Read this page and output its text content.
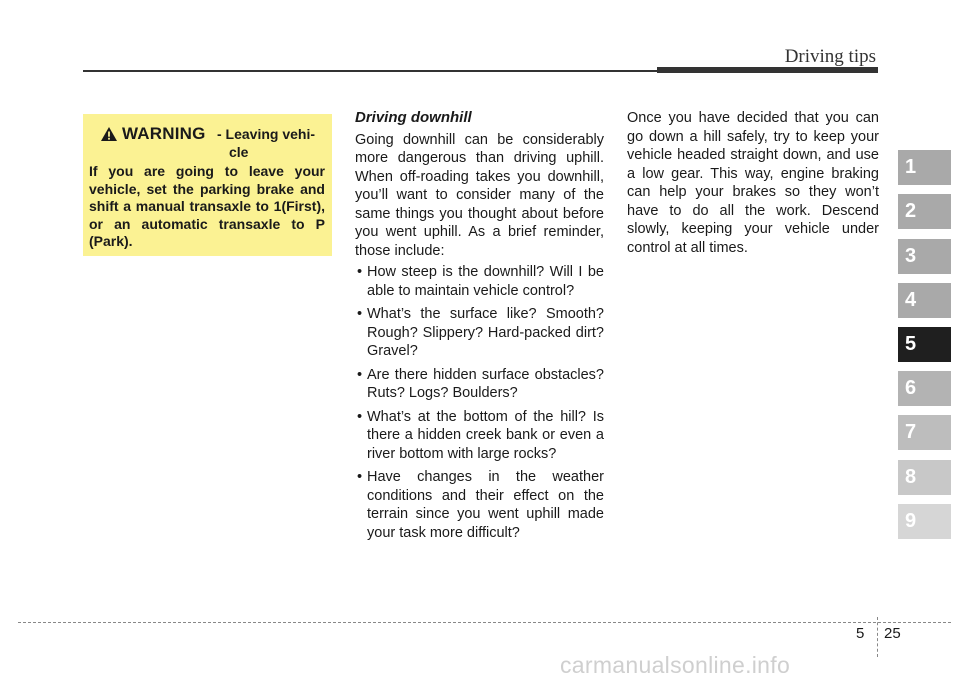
Driving tips
WARNING - Leaving vehi-
cle
If you are going to leave your vehicle, set the parking brake and shift a manual transaxle to 1(First), or an automatic transaxle to P (Park).

Driving downhill

Going downhill can be considerably more dangerous than driving uphill. When off-roading takes you downhill, you’ll want to consider many of the same things you thought about before you went uphill. As a brief reminder, those include:

• How steep is the downhill? Will I be able to maintain vehicle control?
• What’s the surface like? Smooth? Rough? Slippery? Hard-packed dirt? Gravel?
• Are there hidden surface obstacles? Ruts? Logs? Boulders?
• What’s at the bottom of the hill? Is there a hidden creek bank or even a river bottom with large rocks?
• Have changes in the weather conditions and their effect on the terrain since you went uphill made your task more difficult?

Once you have decided that you can go down a hill safely, try to keep your vehicle headed straight down, and use a low gear. This way, engine braking can help your brakes so they won’t have to do all the work. Descend slowly, keeping your vehicle under control at all times.

1
2
3
4
5
6
7
8
9
5 25
carmanualsonline.info
